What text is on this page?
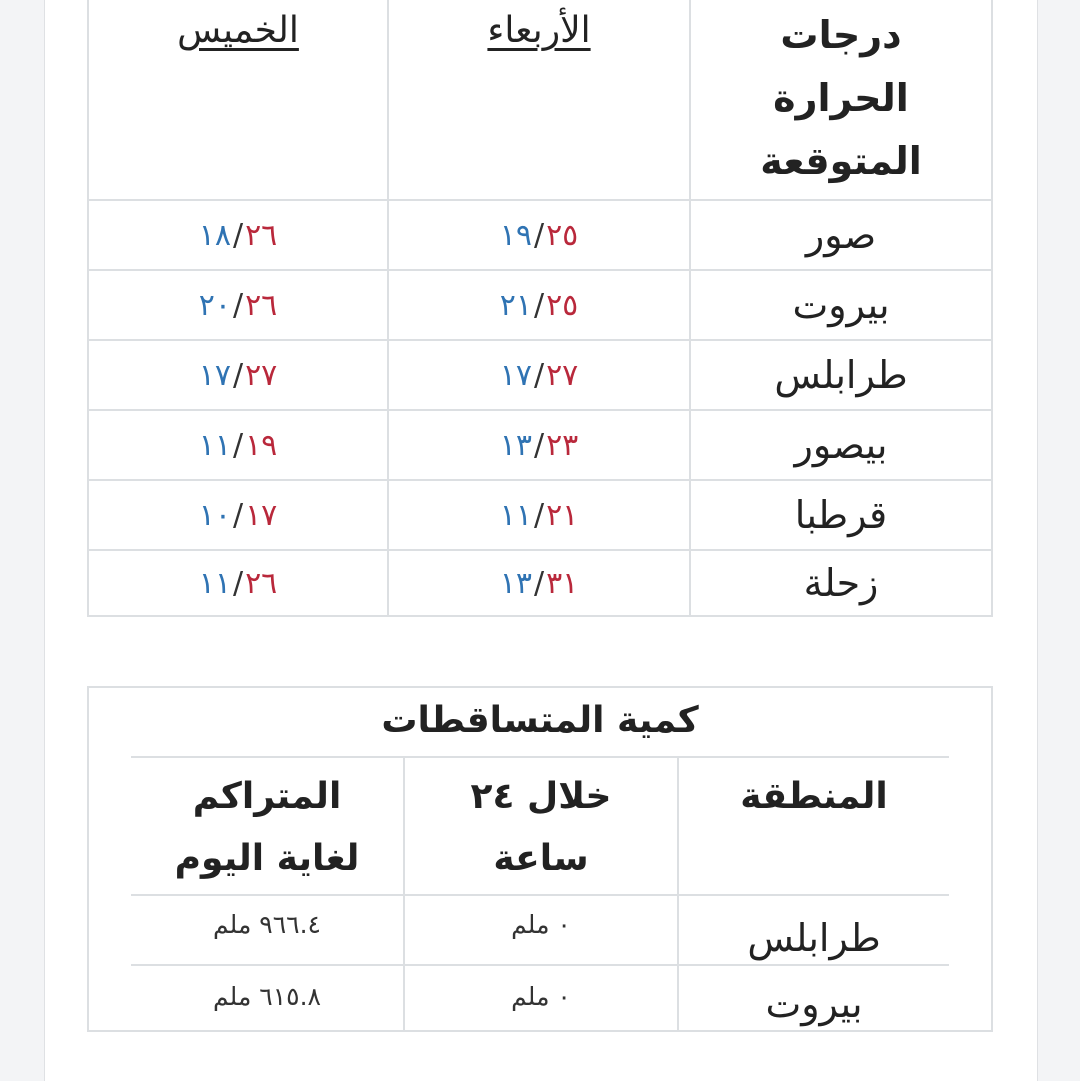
درجات الحرارة المتوقعة
الأربعاء
الخميس
صور
١٩/٢٥
١٨/٢٦
بيروت
٢١/٢٥
٢٠/٢٦
طرابلس
١٧/٢٧
١٧/٢٧
بيصور
١٣/٢٣
١١/١٩
قرطبا
١١/٢١
١٠/١٧
زحلة
١٣/٣١
١١/٢٦
كمية المتساقطات
المنطقة
خلال ٢٤ ساعة
المتراكم لغاية اليوم
طرابلس
٠ ملم
٩٦٦.٤ ملم
بيروت
٠ ملم
٦١٥.٨ ملم
